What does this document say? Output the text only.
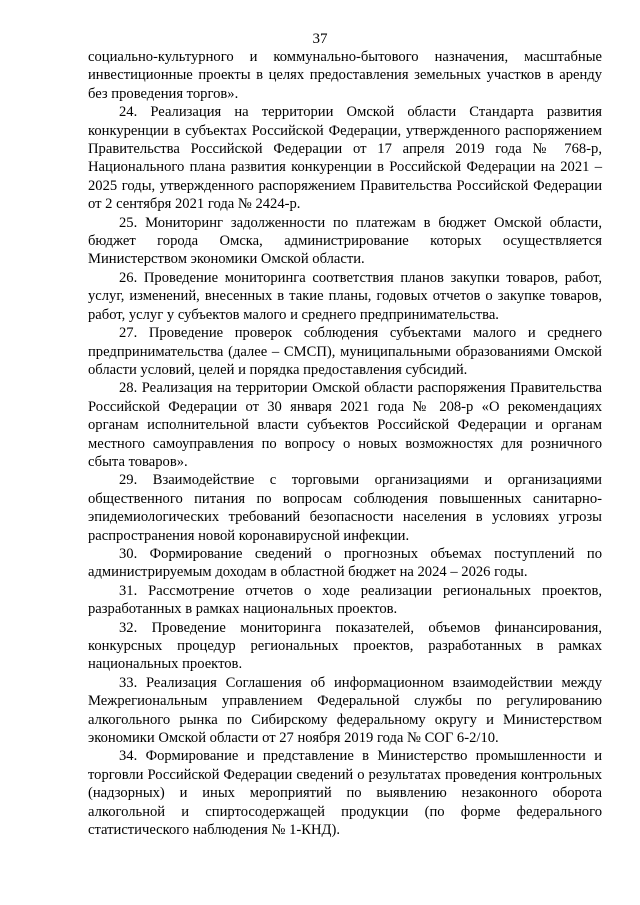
37

социально-культурного и коммунально-бытового назначения, масштабные инвестиционные проекты в целях предоставления земельных участков в аренду без проведения торгов».

24. Реализация на территории Омской области Стандарта развития конкуренции в субъектах Российской Федерации, утвержденного распоряжением Правительства Российской Федерации от 17 апреля 2019 года № 768-р, Национального плана развития конкуренции в Российской Федерации на 2021 – 2025 годы, утвержденного распоряжением Правительства Российской Федерации от 2 сентября 2021 года № 2424-р.

25. Мониторинг задолженности по платежам в бюджет Омской области, бюджет города Омска, администрирование которых осуществляется Министерством экономики Омской области.

26. Проведение мониторинга соответствия планов закупки товаров, работ, услуг, изменений, внесенных в такие планы, годовых отчетов о закупке товаров, работ, услуг у субъектов малого и среднего предпринимательства.

27. Проведение проверок соблюдения субъектами малого и среднего предпринимательства (далее – СМСП), муниципальными образованиями Омской области условий, целей и порядка предоставления субсидий.

28. Реализация на территории Омской области распоряжения Правительства Российской Федерации от 30 января 2021 года № 208-р «О рекомендациях органам исполнительной власти субъектов Российской Федерации и органам местного самоуправления по вопросу о новых возможностях для розничного сбыта товаров».

29. Взаимодействие с торговыми организациями и организациями общественного питания по вопросам соблюдения повышенных санитарно-эпидемиологических требований безопасности населения в условиях угрозы распространения новой коронавирусной инфекции.

30. Формирование сведений о прогнозных объемах поступлений по администрируемым доходам в областной бюджет на 2024 – 2026 годы.

31. Рассмотрение отчетов о ходе реализации региональных проектов, разработанных в рамках национальных проектов.

32. Проведение мониторинга показателей, объемов финансирования, конкурсных процедур региональных проектов, разработанных в рамках национальных проектов.

33. Реализация Соглашения об информационном взаимодействии между Межрегиональным управлением Федеральной службы по регулированию алкогольного рынка по Сибирскому федеральному округу и Министерством экономики Омской области от 27 ноября 2019 года № СОГ 6-2/10.

34. Формирование и представление в Министерство промышленности и торговли Российской Федерации сведений о результатах проведения контрольных (надзорных) и иных мероприятий по выявлению незаконного оборота алкогольной и спиртосодержащей продукции (по форме федерального статистического наблюдения № 1-КНД).
